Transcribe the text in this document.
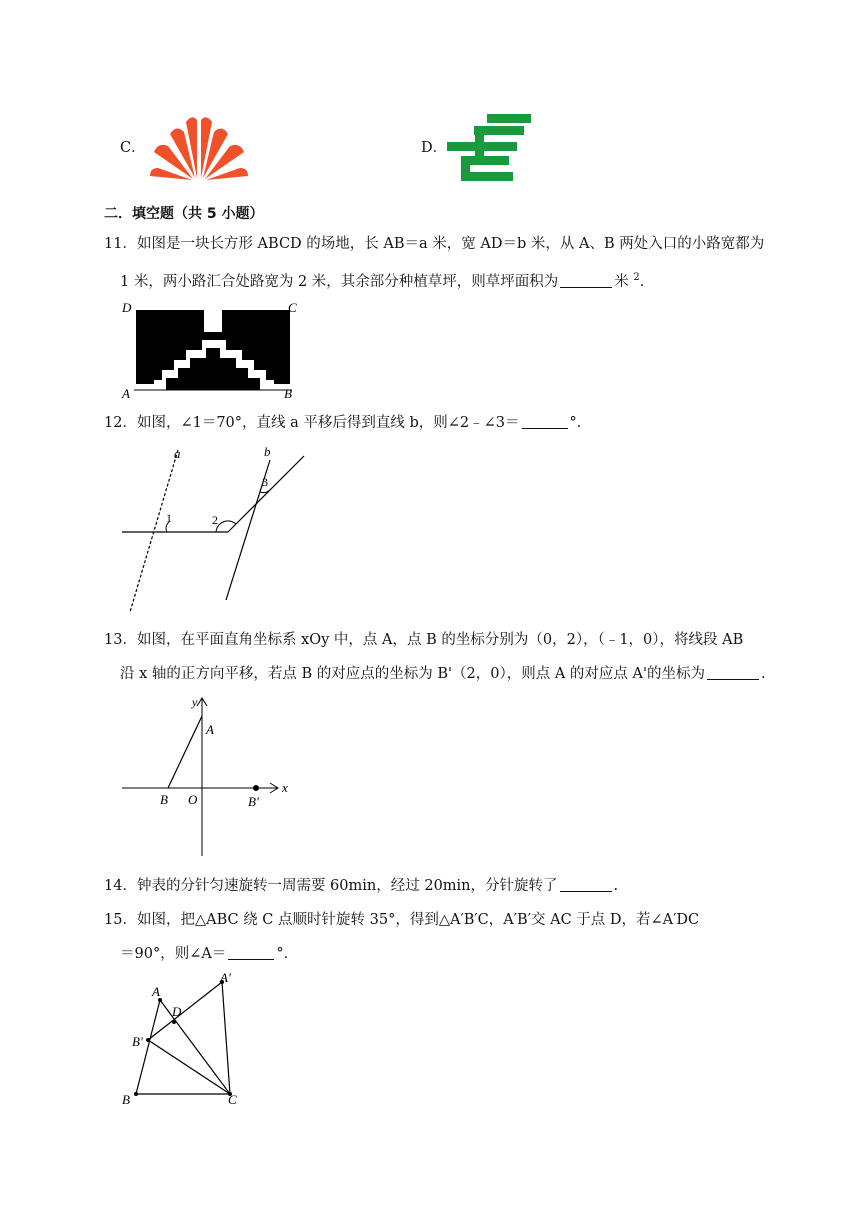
C．	D．
二．填空题（共 5 小题）
11．如图是一块长方形 ABCD 的场地，长 AB＝a 米，宽 AD＝b 米，从 A、B 两处入口的小路宽都为
1 米，两小路汇合处路宽为 2 米，其余部分种植草坪，则草坪面积为	米 $^2$.
D	C
A	B
12．如图，∠1＝70°，直线 a 平移后得到直线 b，则∠2﹣∠3＝	°．
a	b
1	2
3
13．如图，在平面直角坐标系 xOy 中，点 A，点 B 的坐标分别为（0，2），（﹣1，0），将线段 AB
沿 x 轴的正方向平移，若点 B 的对应点的坐标为 B'（2，0），则点 A 的对应点 A'的坐标为	.
y
x
A
B O	B'
14．钟表的分针匀速旋转一周需要 60min，经过 20min，分针旋转了	.
15．如图，把△ABC 绕 C 点顺时针旋转 35°，得到△A′B′C，A′B′交 AC 于点 D，若∠A′DC
＝90°，则∠A＝	°．
A
D
A'
B'
B	C
